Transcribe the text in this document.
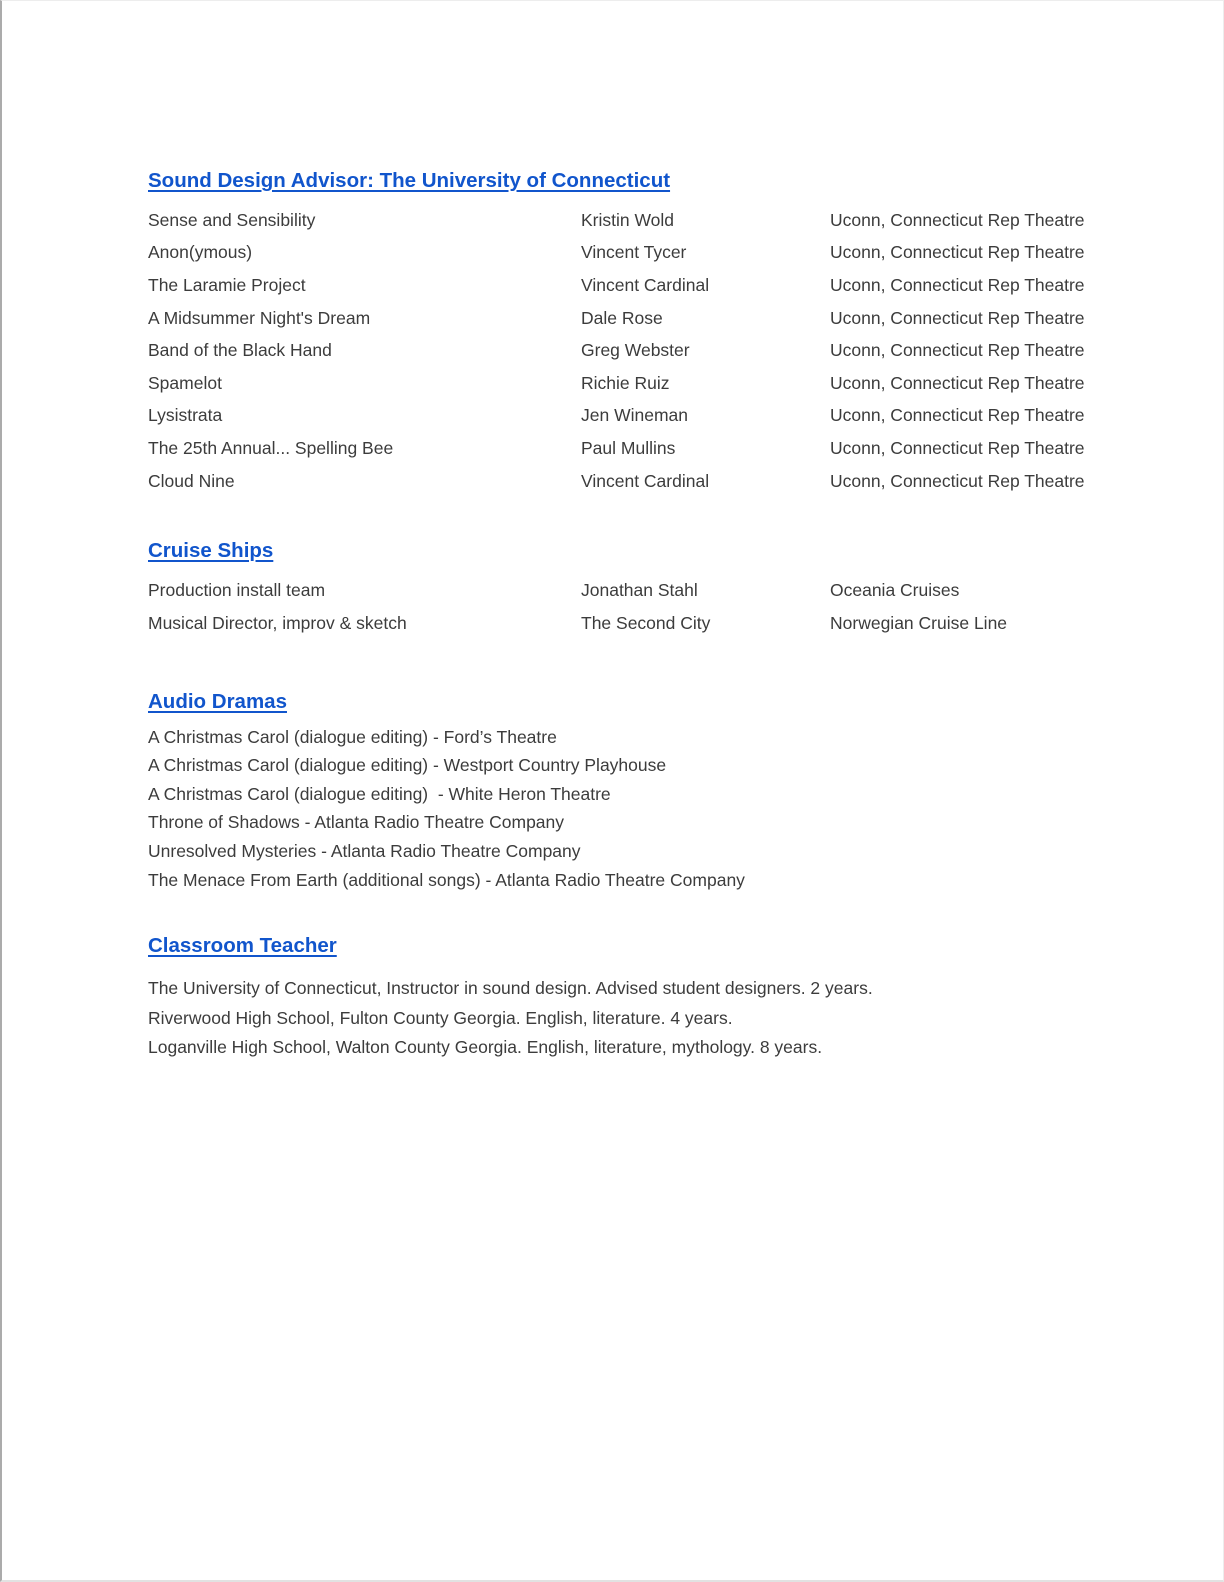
Sound Design Advisor: The University of Connecticut
Sense and Sensibility	Kristin Wold	Uconn, Connecticut Rep Theatre
Anon(ymous)	Vincent Tycer	Uconn, Connecticut Rep Theatre
The Laramie Project	Vincent Cardinal	Uconn, Connecticut Rep Theatre
A Midsummer Night's Dream	Dale Rose	Uconn, Connecticut Rep Theatre
Band of the Black Hand	Greg Webster	Uconn, Connecticut Rep Theatre
Spamelot	Richie Ruiz	Uconn, Connecticut Rep Theatre
Lysistrata	Jen Wineman	Uconn, Connecticut Rep Theatre
The 25th Annual... Spelling Bee	Paul Mullins	Uconn, Connecticut Rep Theatre
Cloud Nine	Vincent Cardinal	Uconn, Connecticut Rep Theatre
Cruise Ships
Production install team	Jonathan Stahl	Oceania Cruises
Musical Director, improv & sketch	The Second City	Norwegian Cruise Line
Audio Dramas

A Christmas Carol (dialogue editing) - Ford’s Theatre

A Christmas Carol (dialogue editing) - Westport Country Playhouse

A Christmas Carol (dialogue editing)  - White Heron Theatre

Throne of Shadows - Atlanta Radio Theatre Company

Unresolved Mysteries - Atlanta Radio Theatre Company

The Menace From Earth (additional songs) - Atlanta Radio Theatre Company

Classroom Teacher

The University of Connecticut, Instructor in sound design. Advised student designers. 2 years.

Riverwood High School, Fulton County Georgia. English, literature. 4 years.

Loganville High School, Walton County Georgia. English, literature, mythology. 8 years.
